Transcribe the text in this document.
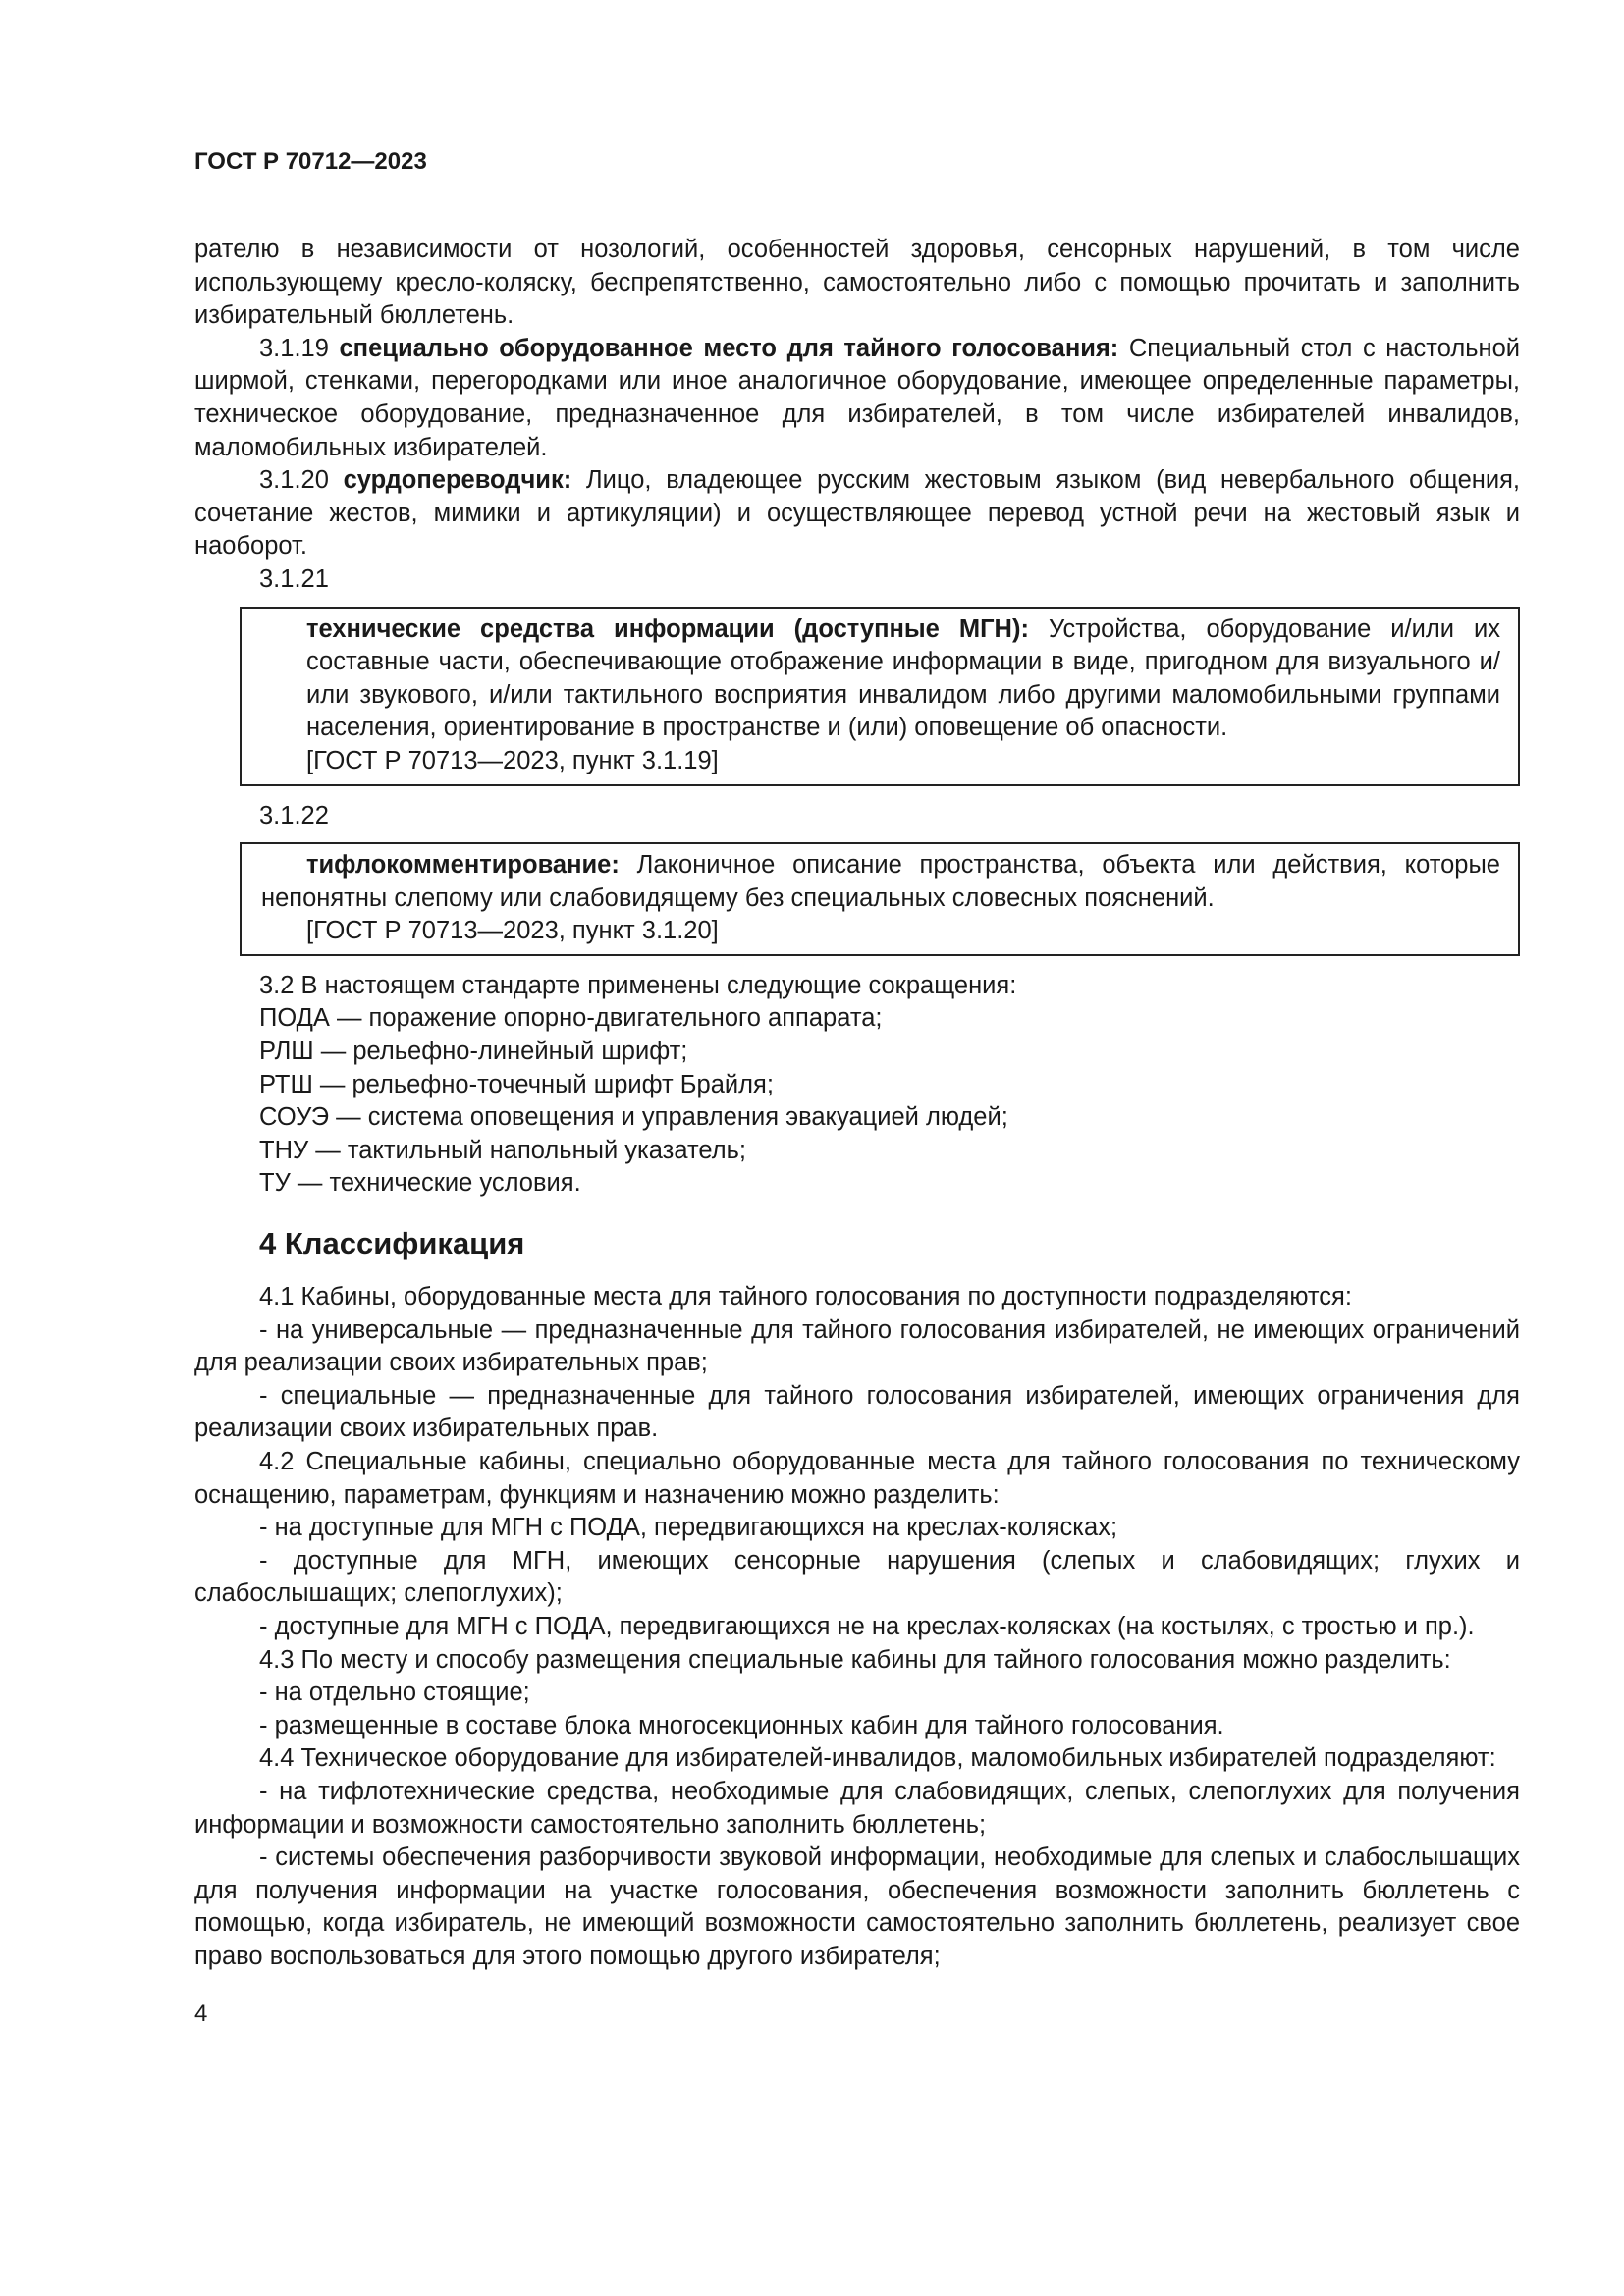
ГОСТ Р 70712—2023

рателю в независимости от нозологий, особенностей здоровья, сенсорных нарушений, в том числе использующему кресло-коляску, беспрепятственно, самостоятельно либо с помощью прочитать и заполнить избирательный бюллетень.

3.1.19 специально оборудованное место для тайного голосования: Специальный стол с настольной ширмой, стенками, перегородками или иное аналогичное оборудование, имеющее определенные параметры, техническое оборудование, предназначенное для избирателей, в том числе избирателей инвалидов, маломобильных избирателей.

3.1.20 сурдопереводчик: Лицо, владеющее русским жестовым языком (вид невербального общения, сочетание жестов, мимики и артикуляции) и осуществляющее перевод устной речи на жестовый язык и наоборот.

3.1.21

технические средства информации (доступные МГН): Устройства, оборудование и/или их составные части, обеспечивающие отображение информации в виде, пригодном для визуального и/или звукового, и/или тактильного восприятия инвалидом либо другими маломобильными группами населения, ориентирование в пространстве и (или) оповещение об опасности.

[ГОСТ Р 70713—2023, пункт 3.1.19]

3.1.22

тифлокомментирование: Лаконичное описание пространства, объекта или действия, которые непонятны слепому или слабовидящему без специальных словесных пояснений.

[ГОСТ Р 70713—2023, пункт 3.1.20]

3.2 В настоящем стандарте применены следующие сокращения:

ПОДА — поражение опорно-двигательного аппарата;

РЛШ — рельефно-линейный шрифт;

РТШ — рельефно-точечный шрифт Брайля;

СОУЭ — система оповещения и управления эвакуацией людей;

ТНУ — тактильный напольный указатель;

ТУ — технические условия.

4 Классификация

4.1 Кабины, оборудованные места для тайного голосования по доступности подразделяются:

- на универсальные — предназначенные для тайного голосования избирателей, не имеющих ограничений для реализации своих избирательных прав;

- специальные — предназначенные для тайного голосования избирателей, имеющих ограничения для реализации своих избирательных прав.

4.2 Специальные кабины, специально оборудованные места для тайного голосования по техническому оснащению, параметрам, функциям и назначению можно разделить:

- на доступные для МГН с ПОДА, передвигающихся на креслах-колясках;

- доступные для МГН, имеющих сенсорные нарушения (слепых и слабовидящих; глухих и слабослышащих; слепоглухих);

- доступные для МГН с ПОДА, передвигающихся не на креслах-колясках (на костылях, с тростью и пр.).

4.3 По месту и способу размещения специальные кабины для тайного голосования можно разделить:

- на отдельно стоящие;

- размещенные в составе блока многосекционных кабин для тайного голосования.

4.4 Техническое оборудование для избирателей-инвалидов, маломобильных избирателей подразделяют:

- на тифлотехнические средства, необходимые для слабовидящих, слепых, слепоглухих для получения информации и возможности самостоятельно заполнить бюллетень;

- системы обеспечения разборчивости звуковой информации, необходимые для слепых и слабослышащих для получения информации на участке голосования, обеспечения возможности заполнить бюллетень с помощью, когда избиратель, не имеющий возможности самостоятельно заполнить бюллетень, реализует свое право воспользоваться для этого помощью другого избирателя;

4
